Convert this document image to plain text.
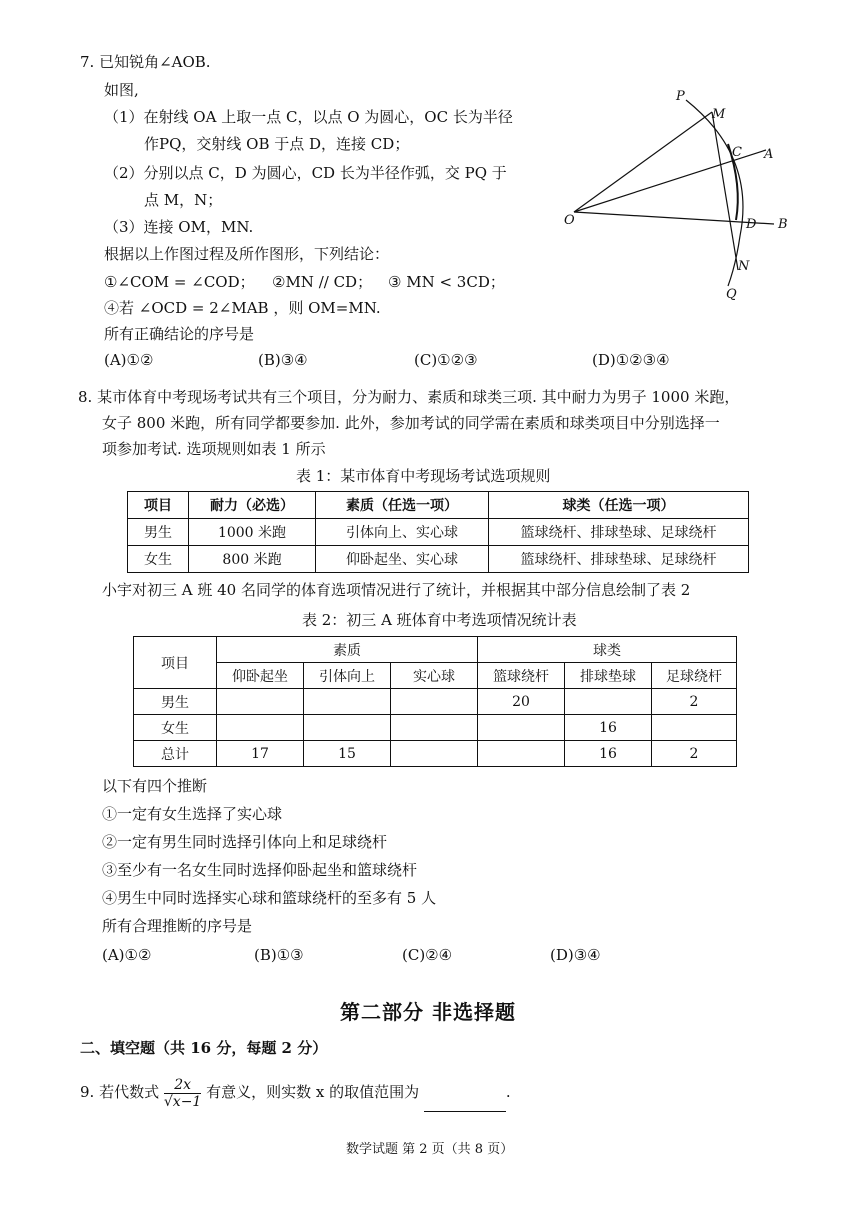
7. 已知锐角∠AOB.
如图,
（1）在射线 OA 上取一点 C，以点 O 为圆心，OC 长为半径
作PQ，交射线 OB 于点 D，连接 CD；
（2）分别以点 C，D 为圆心，CD 长为半径作弧，交 PQ 于
点 M，N；
（3）连接 OM，MN.
根据以上作图过程及所作图形，下列结论：
①∠COM = ∠COD； ②MN // CD； ③ MN < 3CD；
④若 ∠OCD = 2∠MAB ，则 OM=MN.
所有正确结论的序号是
(A)①②	(B)③④	(C)①②③	(D)①②③④
P
M
C A
O	D B
N
Q
8. 某市体育中考现场考试共有三个项目，分为耐力、素质和球类三项. 其中耐力为男子 1000 米跑，
女子 800 米跑，所有同学都要参加. 此外，参加考试的同学需在素质和球类项目中分别选择一
项参加考试. 选项规则如表 1 所示
表 1：某市体育中考现场考试选项规则
项目	耐力（必选）	素质（任选一项）	球类（任选一项）
男生	1000 米跑	引体向上、实心球	篮球绕杆、排球垫球、足球绕杆
女生	800 米跑	仰卧起坐、实心球	篮球绕杆、排球垫球、足球绕杆
小宇对初三 A 班 40 名同学的体育选项情况进行了统计，并根据其中部分信息绘制了表 2
表 2：初三 A 班体育中考选项情况统计表
项目	素质			球类		
	仰卧起坐	引体向上	实心球	篮球绕杆	排球垫球	足球绕杆
男生				20		2
女生					16	
总计	17	15			16	2
以下有四个推断
①一定有女生选择了实心球
②一定有男生同时选择引体向上和足球绕杆
③至少有一名女生同时选择仰卧起坐和篮球绕杆
④男生中同时选择实心球和篮球绕杆的至多有 5 人
所有合理推断的序号是
(A)①②	(B)①③	(C)②④	(D)③④
第二部分 非选择题
二、填空题（共 16 分，每题 2 分）
9. 若代数式 $\frac{2x}{√x-1}$ 有意义，则实数 x 的取值范围为	.
数学试题 第 2 页（共 8 页）
